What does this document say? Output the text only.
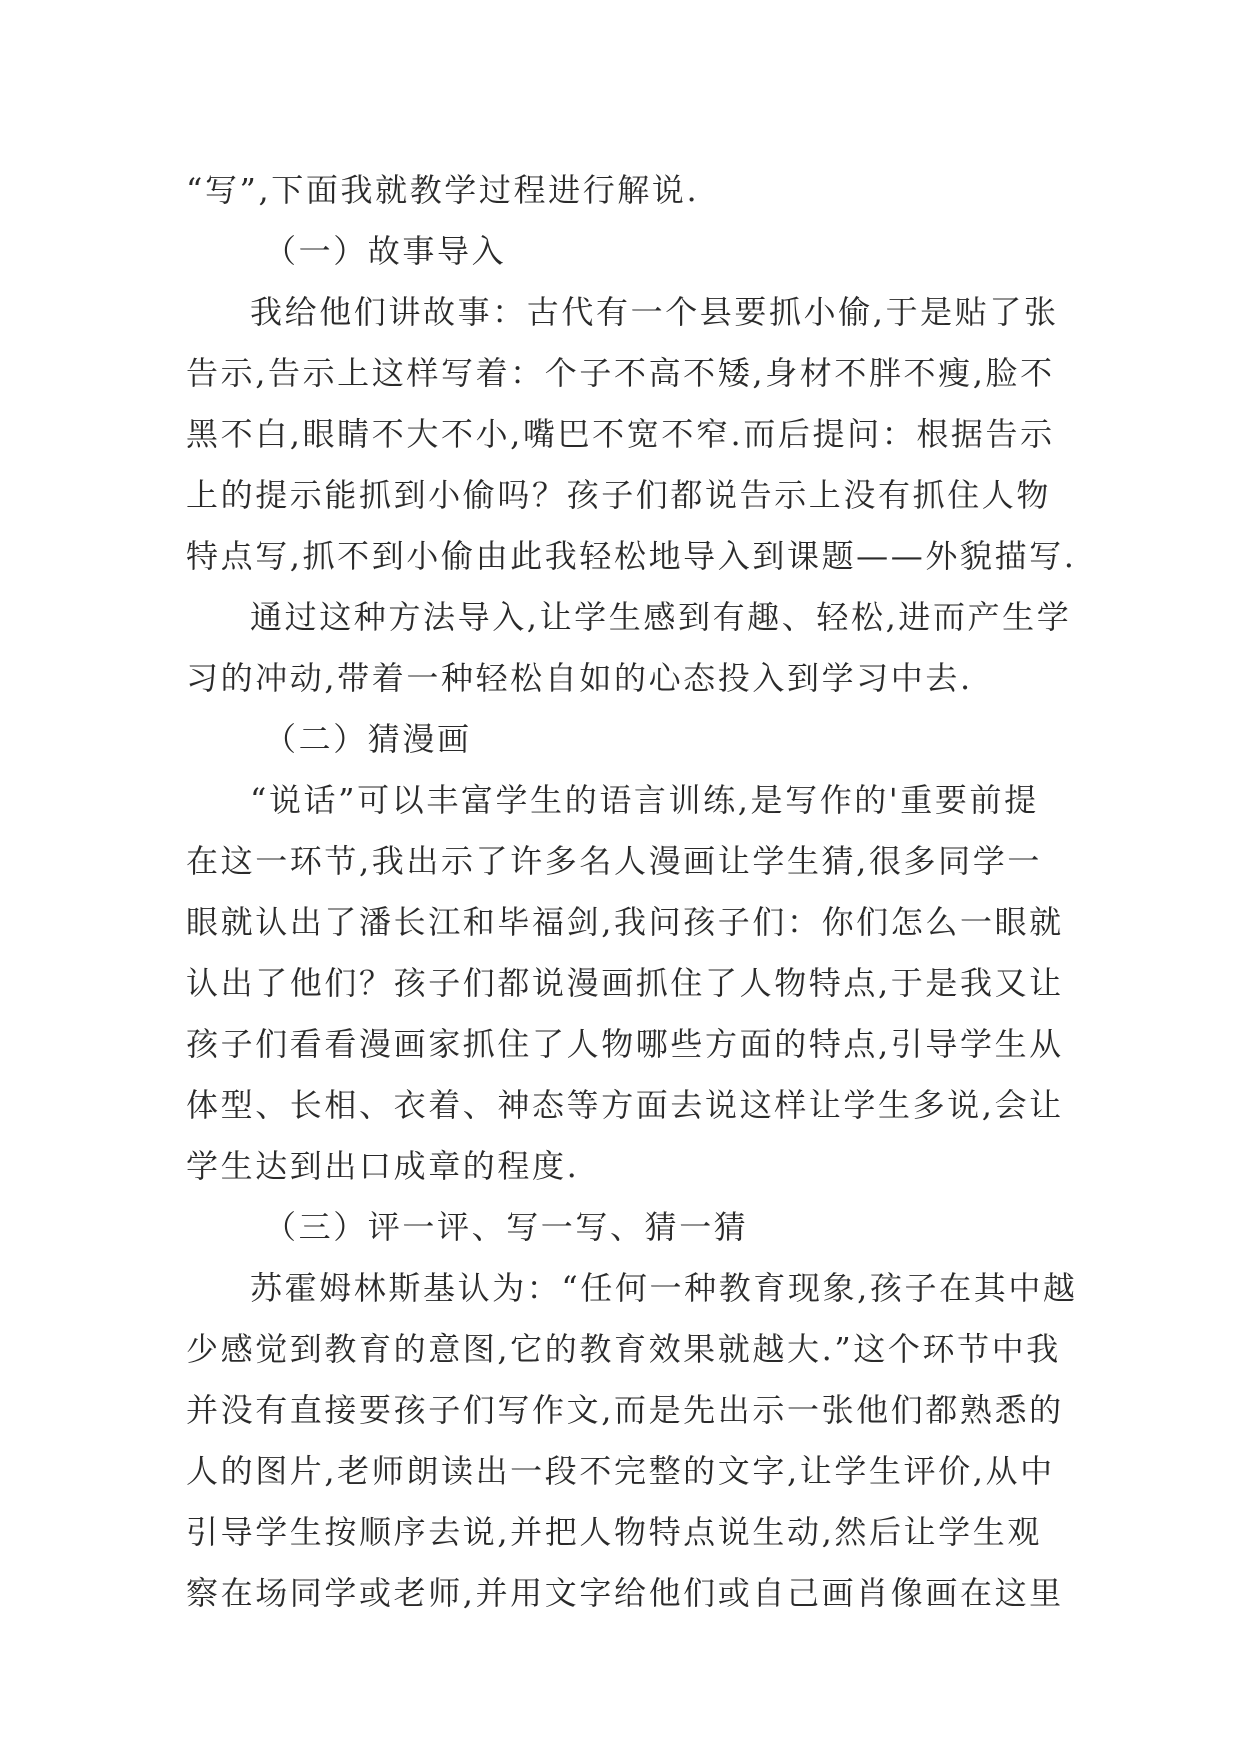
“写”,下面我就教学过程进行解说.
（一）故事导入
我给他们讲故事：古代有一个县要抓小偷,于是贴了张
告示,告示上这样写着：个子不高不矮,身材不胖不瘦,脸不
黑不白,眼睛不大不小,嘴巴不宽不窄.而后提问：根据告示
上的提示能抓到小偷吗？孩子们都说告示上没有抓住人物
特点写,抓不到小偷由此我轻松地导入到课题——外貌描写.
通过这种方法导入,让学生感到有趣、轻松,进而产生学
习的冲动,带着一种轻松自如的心态投入到学习中去.
（二）猜漫画
“说话”可以丰富学生的语言训练,是写作的'重要前提
在这一环节,我出示了许多名人漫画让学生猜,很多同学一
眼就认出了潘长江和毕福剑,我问孩子们：你们怎么一眼就
认出了他们？孩子们都说漫画抓住了人物特点,于是我又让
孩子们看看漫画家抓住了人物哪些方面的特点,引导学生从
体型、长相、衣着、神态等方面去说这样让学生多说,会让
学生达到出口成章的程度.
（三）评一评、写一写、猜一猜
苏霍姆林斯基认为：“任何一种教育现象,孩子在其中越
少感觉到教育的意图,它的教育效果就越大.”这个环节中我
并没有直接要孩子们写作文,而是先出示一张他们都熟悉的
人的图片,老师朗读出一段不完整的文字,让学生评价,从中
引导学生按顺序去说,并把人物特点说生动,然后让学生观
察在场同学或老师,并用文字给他们或自己画肖像画在这里
